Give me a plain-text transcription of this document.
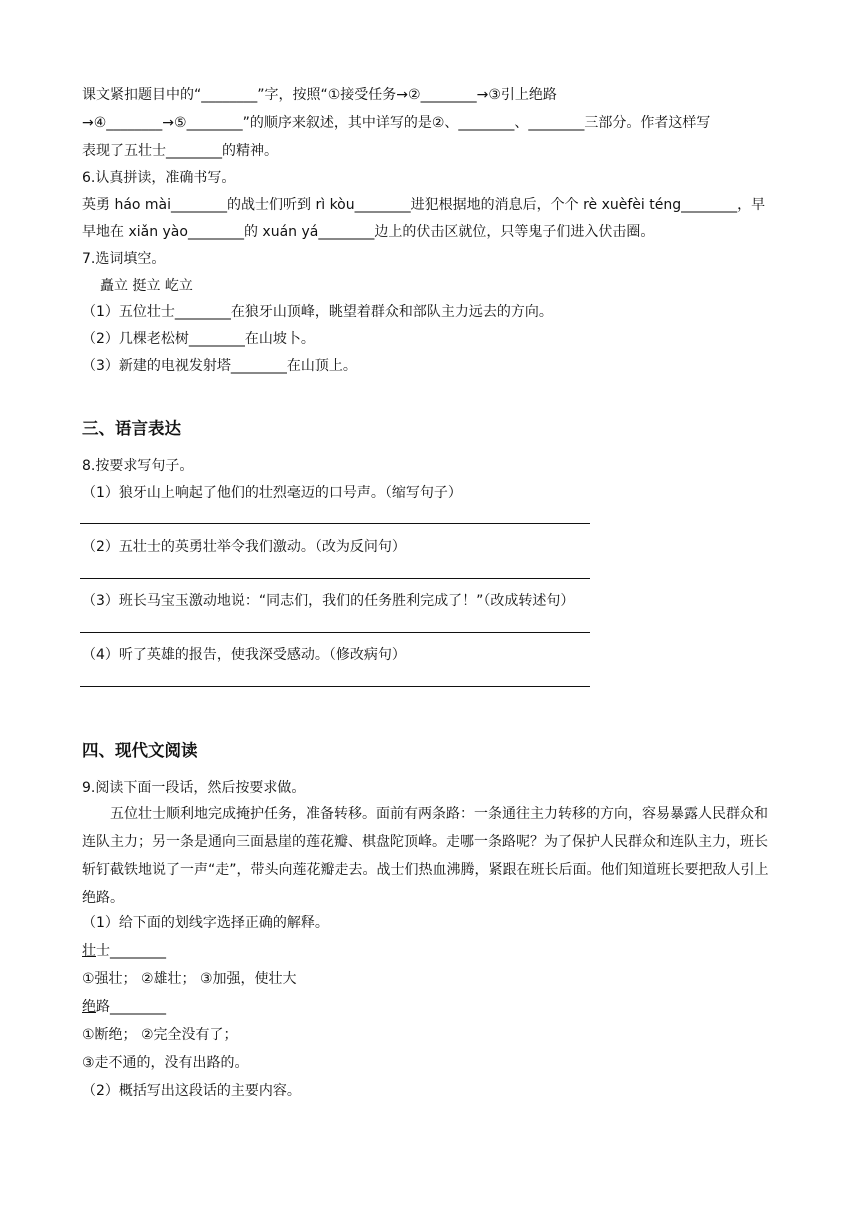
课文紧扣题目中的“________”字，按照“①接受任务→②________→③引上绝路
→④________→⑤________”的顺序来叙述，其中详写的是②、________、________三部分。作者这样写
表现了五壮士________的精神。
6.认真拼读，准确书写。
英勇 háo mài________的战士们听到 rì kòu________进犯根据地的消息后，个个 rè xuèfèi téng________，早
早地在 xiǎn yào________的 xuán yá________边上的伏击区就位，只等鬼子们进入伏击圈。
7.选词填空。
矗立 挺立 屹立
（1）五位壮士________在狼牙山顶峰，眺望着群众和部队主力远去的方向。
（2）几棵老松树________在山坡卜。
（3）新建的电视发射塔________在山顶上。
三、语言表达
8.按要求写句子。
（1）狼牙山上响起了他们的壮烈毫迈的口号声。（缩写句子）
（2）五壮士的英勇壮举令我们激动。（改为反问句）
（3）班长马宝玉激动地说：“同志们，我们的任务胜利完成了！”（改成转述句）
（4）听了英雄的报告，使我深受感动。（修改病句）
四、现代文阅读
9.阅读下面一段话，然后按要求做。
五位壮士顺利地完成掩护任务，准备转移。面前有两条路：一条通往主力转移的方向，容易暴露人民群众和连队主力；另一条是通向三面悬崖的莲花瓣、棋盘陀顶峰。走哪一条路呢？为了保护人民群众和连队主力，班长斩钉截铁地说了一声“走”，带头向莲花瓣走去。战士们热血沸腾，紧跟在班长后面。他们知道班长要把敌人引上绝路。
（1）给下面的划线字选择正确的解释。
壮士________
①强壮； ②雄壮； ③加强，使壮大
绝路________
①断绝； ②完全没有了；
③走不通的，没有出路的。
（2）概括写出这段话的主要内容。
